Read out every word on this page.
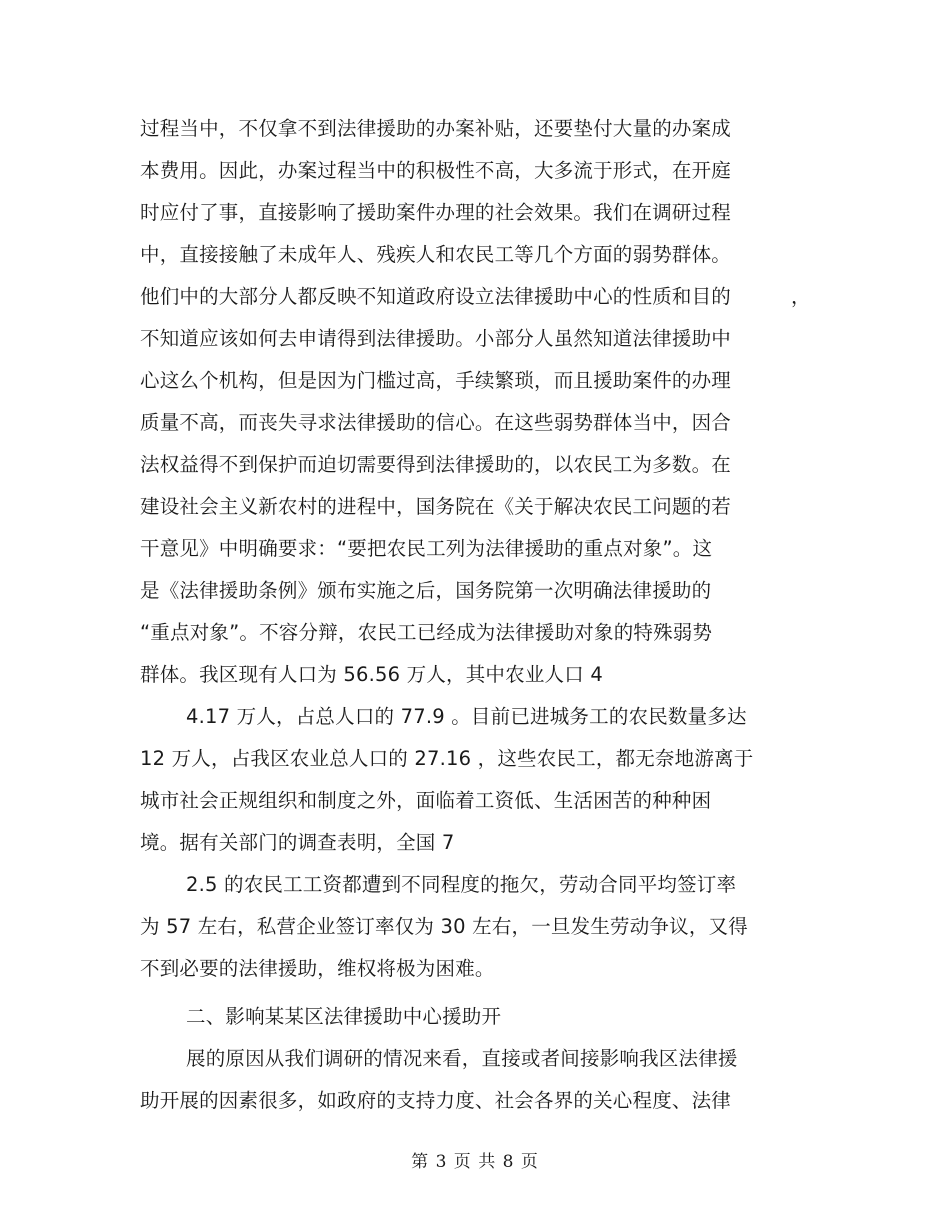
过程当中，不仅拿不到法律援助的办案补贴，还要垫付大量的办案成
本费用。因此，办案过程当中的积极性不高，大多流于形式，在开庭
时应付了事，直接影响了援助案件办理的社会效果。我们在调研过程
中，直接接触了未成年人、残疾人和农民工等几个方面的弱势群体。
他们中的大部分人都反映不知道政府设立法律援助中心的性质和目的	，
不知道应该如何去申请得到法律援助。小部分人虽然知道法律援助中
心这么个机构，但是因为门槛过高，手续繁琐，而且援助案件的办理
质量不高，而丧失寻求法律援助的信心。在这些弱势群体当中，因合
法权益得不到保护而迫切需要得到法律援助的，以农民工为多数。在
建设社会主义新农村的进程中，国务院在《关于解决农民工问题的若
干意见》中明确要求：“要把农民工列为法律援助的重点对象”。这
是《法律援助条例》颁布实施之后，国务院第一次明确法律援助的
“重点对象”。不容分辩，农民工已经成为法律援助对象的特殊弱势
群体。我区现有人口为 56.56 万人，其中农业人口 4
4.17 万人，占总人口的 77.9 。目前已进城务工的农民数量多达
12 万人，占我区农业总人口的 27.16 ，这些农民工，都无奈地游离于
城市社会正规组织和制度之外，面临着工资低、生活困苦的种种困
境。据有关部门的调查表明，全国 7
2.5 的农民工工资都遭到不同程度的拖欠，劳动合同平均签订率
为 57 左右，私营企业签订率仅为 30 左右，一旦发生劳动争议，又得
不到必要的法律援助，维权将极为困难。
二、影响某某区法律援助中心援助开
展的原因从我们调研的情况来看，直接或者间接影响我区法律援
助开展的因素很多，如政府的支持力度、社会各界的关心程度、法律
第 3 页 共 8 页
